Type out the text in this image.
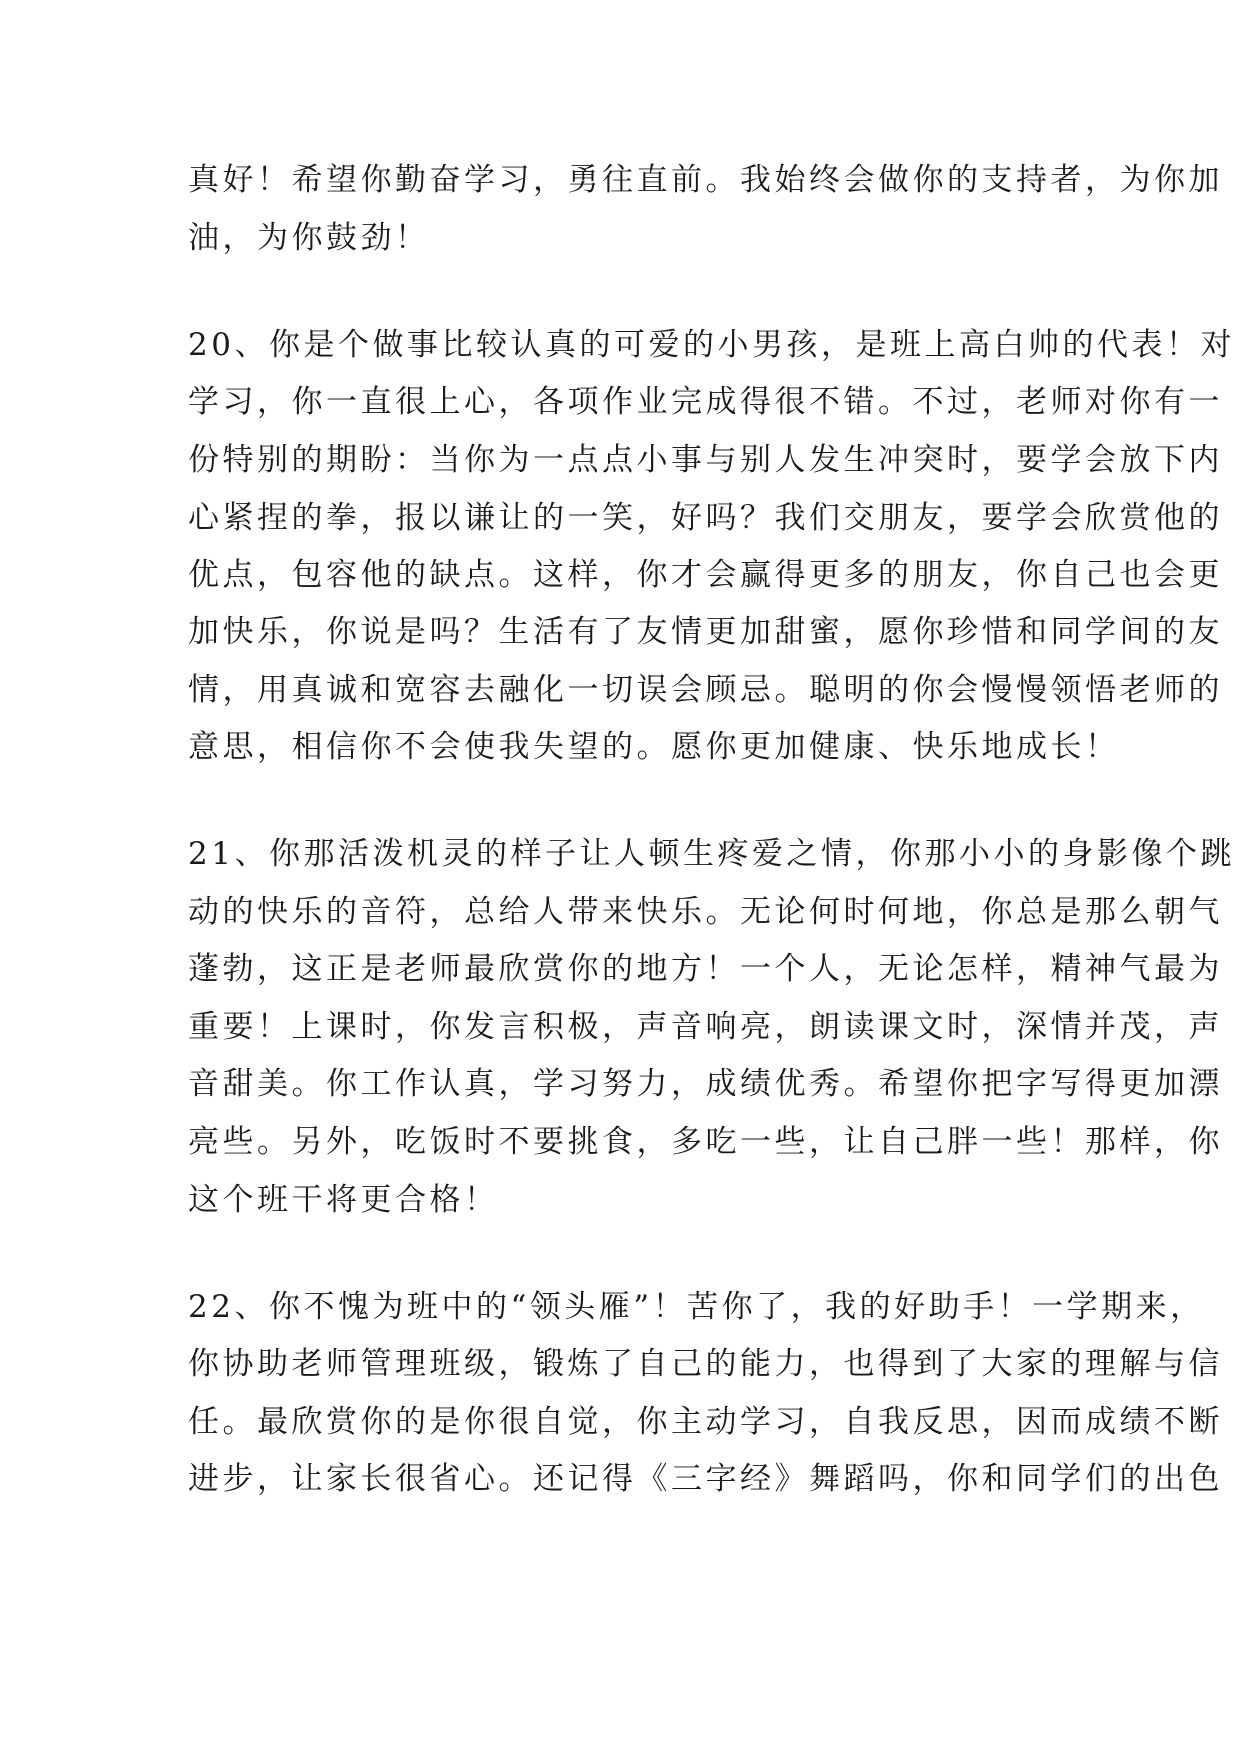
真好！希望你勤奋学习，勇往直前。我始终会做你的支持者，为你加
油，为你鼓劲！
20、你是个做事比较认真的可爱的小男孩，是班上高白帅的代表！对
学习，你一直很上心，各项作业完成得很不错。不过，老师对你有一
份特别的期盼：当你为一点点小事与别人发生冲突时，要学会放下内
心紧捏的拳，报以谦让的一笑，好吗？我们交朋友，要学会欣赏他的
优点，包容他的缺点。这样，你才会赢得更多的朋友，你自己也会更
加快乐，你说是吗？生活有了友情更加甜蜜，愿你珍惜和同学间的友
情，用真诚和宽容去融化一切误会顾忌。聪明的你会慢慢领悟老师的
意思，相信你不会使我失望的。愿你更加健康、快乐地成长！
21、你那活泼机灵的样子让人顿生疼爱之情，你那小小的身影像个跳
动的快乐的音符，总给人带来快乐。无论何时何地，你总是那么朝气
蓬勃，这正是老师最欣赏你的地方！一个人，无论怎样，精神气最为
重要！上课时，你发言积极，声音响亮，朗读课文时，深情并茂，声
音甜美。你工作认真，学习努力，成绩优秀。希望你把字写得更加漂
亮些。另外，吃饭时不要挑食，多吃一些，让自己胖一些！那样，你
这个班干将更合格！
22、你不愧为班中的“领头雁”！苦你了，我的好助手！一学期来，
你协助老师管理班级，锻炼了自己的能力，也得到了大家的理解与信
任。最欣赏你的是你很自觉，你主动学习，自我反思，因而成绩不断
进步，让家长很省心。还记得《三字经》舞蹈吗，你和同学们的出色
